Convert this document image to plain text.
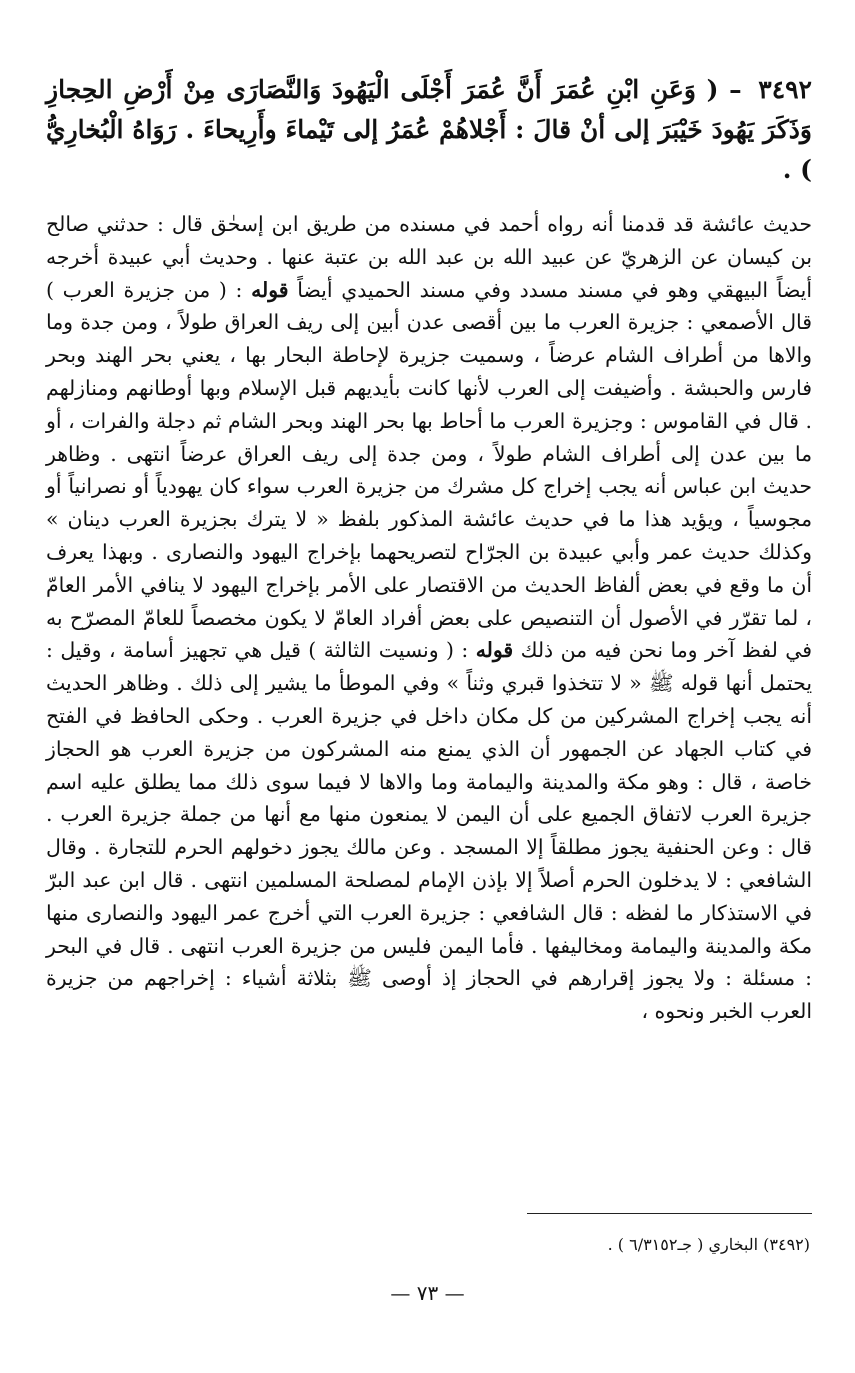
٣٤٩٢ – ( وَعَنِ ابْنِ عُمَرَ أَنَّ عُمَرَ أَجْلَى الْيَهُودَ وَالنَّصَارَى مِنْ أَرْضِ الحِجازِ وَذَكَرَ يَهُودَ خَيْبَرَ إلى أنْ قالَ : أَجْلاهُمْ عُمَرُ إلى تَيْماءَ وأَرِيحاءَ . رَوَاهُ الْبُخارِيُّ ) .

حديث عائشة قد قدمنا أنه رواه أحمد في مسنده من طريق ابن إسحٰق قال : حدثني صالح بن كيسان عن الزهريّ عن عبيد الله بن عبد الله بن عتبة عنها . وحديث أبي عبيدة أخرجه أيضاً البيهقي وهو في مسند مسدد وفي مسند الحميدي أيضاً قوله : ( من جزيرة العرب ) قال الأصمعي : جزيرة العرب ما بين أقصى عدن أبين إلى ريف العراق طولاً ، ومن جدة وما والاها من أطراف الشام عرضاً ، وسميت جزيرة لإحاطة البحار بها ، يعني بحر الهند وبحر فارس والحبشة . وأضيفت إلى العرب لأنها كانت بأيديهم قبل الإسلام وبها أوطانهم ومنازلهم . قال في القاموس : وجزيرة العرب ما أحاط بها بحر الهند وبحر الشام ثم دجلة والفرات ، أو ما بين عدن إلى أطراف الشام طولاً ، ومن جدة إلى ريف العراق عرضاً انتهى . وظاهر حديث ابن عباس أنه يجب إخراج كل مشرك من جزيرة العرب سواء كان يهودياً أو نصرانياً أو مجوسياً ، ويؤيد هذا ما في حديث عائشة المذكور بلفظ « لا يترك بجزيرة العرب دينان » وكذلك حديث عمر وأبي عبيدة بن الجرّاح لتصريحهما بإخراج اليهود والنصارى . وبهذا يعرف أن ما وقع في بعض ألفاظ الحديث من الاقتصار على الأمر بإخراج اليهود لا ينافي الأمر العامّ ، لما تقرّر في الأصول أن التنصيص على بعض أفراد العامّ لا يكون مخصصاً للعامّ المصرّح به في لفظ آخر وما نحن فيه من ذلك قوله : ( ونسيت الثالثة ) قيل هي تجهيز أسامة ، وقيل : يحتمل أنها قوله ﷺ « لا تتخذوا قبري وثناً » وفي الموطأ ما يشير إلى ذلك . وظاهر الحديث أنه يجب إخراج المشركين من كل مكان داخل في جزيرة العرب . وحكى الحافظ في الفتح في كتاب الجهاد عن الجمهور أن الذي يمنع منه المشركون من جزيرة العرب هو الحجاز خاصة ، قال : وهو مكة والمدينة واليمامة وما والاها لا فيما سوى ذلك مما يطلق عليه اسم جزيرة العرب لاتفاق الجميع على أن اليمن لا يمنعون منها مع أنها من جملة جزيرة العرب . قال : وعن الحنفية يجوز مطلقاً إلا المسجد . وعن مالك يجوز دخولهم الحرم للتجارة . وقال الشافعي : لا يدخلون الحرم أصلاً إلا بإذن الإمام لمصلحة المسلمين انتهى . قال ابن عبد البرّ في الاستذكار ما لفظه : قال الشافعي : جزيرة العرب التي أخرج عمر اليهود والنصارى منها مكة والمدينة واليمامة ومخاليفها . فأما اليمن فليس من جزيرة العرب انتهى . قال في البحر : مسئلة : ولا يجوز إقرارهم في الحجاز إذ أوصى ﷺ بثلاثة أشياء : إخراجهم من جزيرة العرب الخبر ونحوه ،

(٣٤٩٢) البخاري ( جـ٦/٣١٥٢ ) .
— ٧٣ —
